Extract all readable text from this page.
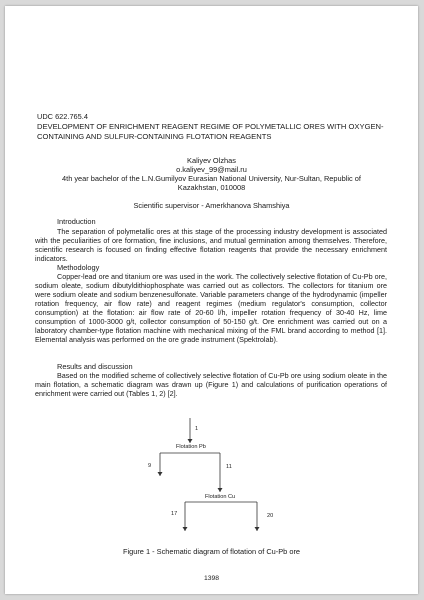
UDC 622.765.4
DEVELOPMENT OF ENRICHMENT REAGENT REGIME OF POLYMETALLIC ORES WITH OXYGEN-CONTAINING AND SULFUR-CONTAINING FLOTATION REAGENTS
Kaliyev Olzhas
o.kaliyev_99@mail.ru
4th year bachelor of the L.N.Gumilyov Eurasian National University, Nur-Sultan, Republic of Kazakhstan, 010008
Scientific supervisor - Amerkhanova Shamshiya
Introduction
The separation of polymetallic ores at this stage of the processing industry development is associated with the peculiarities of ore formation, fine inclusions, and mutual germination among themselves. Therefore, scientific research is focused on finding effective flotation reagents that provide the necessary enrichment indicators.
Methodology
Copper-lead ore and titanium ore was used in the work. The collectively selective flotation of Cu-Pb ore, sodium oleate, sodium dibutyldithiophosphate was carried out as collectors. The collectors for titanium ore were sodium oleate and sodium benzenesulfonate. Variable parameters change of the hydrodynamic (impeller rotation frequency, air flow rate) and reagent regimes (medium regulator's consumption, collector consumption) at the flotation: air flow rate of 20-60 l/h, impeller rotation frequency of 30-40 Hz, lime consumption of 1000-3000 g/t, collector consumption of 50-150 g/t. Ore enrichment was carried out on a laboratory chamber-type flotation machine with mechanical mixing of the FML brand according to method [1]. Elemental analysis was performed on the ore grade instrument (Spektrolab).
Results and discussion
Based on the modified scheme of collectively selective flotation of Cu-Pb ore using sodium oleate in the main flotation, a schematic diagram was drawn up (Figure 1) and calculations of purification operations of enrichment were carried out (Tables 1, 2) [2].
1
Flotation Pb
9	11
Flotation Cu
17	20
Figure 1 - Schematic diagram of flotation of Cu-Pb ore
1398
